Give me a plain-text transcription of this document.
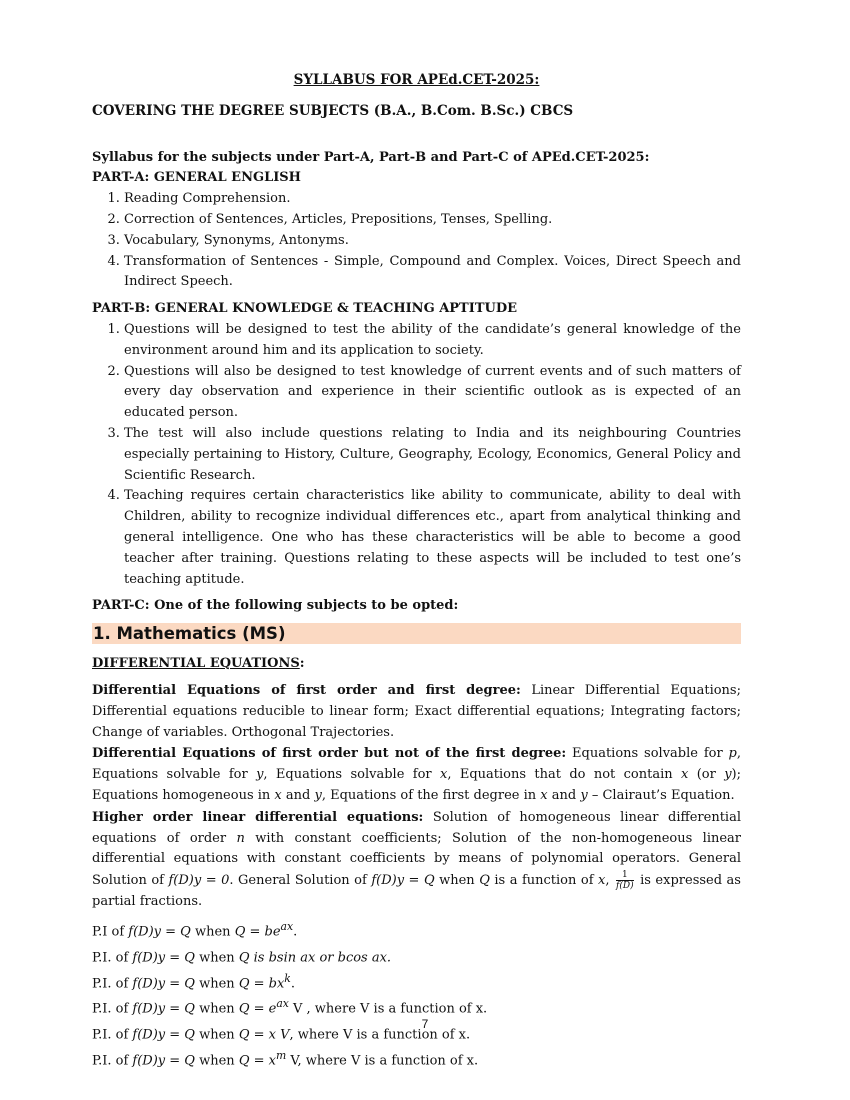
SYLLABUS FOR APEd.CET-2025:
COVERING THE DEGREE SUBJECTS (B.A., B.Com. B.Sc.) CBCS
Syllabus for the subjects under Part-A, Part-B and Part-C of APEd.CET-2025:
PART-A: GENERAL ENGLISH
1. Reading Comprehension.
2. Correction of Sentences, Articles, Prepositions, Tenses, Spelling.
3. Vocabulary, Synonyms, Antonyms.
4. Transformation of Sentences - Simple, Compound and Complex. Voices, Direct Speech and Indirect Speech.
PART-B: GENERAL KNOWLEDGE & TEACHING APTITUDE
1. Questions will be designed to test the ability of the candidate’s general knowledge of the environment around him and its application to society.
2. Questions will also be designed to test knowledge of current events and of such matters of every day observation and experience in their scientific outlook as is expected of an educated person.
3. The test will also include questions relating to India and its neighbouring Countries especially pertaining to History, Culture, Geography, Ecology, Economics, General Policy and Scientific Research.
4. Teaching requires certain characteristics like ability to communicate, ability to deal with Children, ability to recognize individual differences etc., apart from analytical thinking and general intelligence. One who has these characteristics will be able to become a good teacher after training. Questions relating to these aspects will be included to test one’s teaching aptitude.
PART-C: One of the following subjects to be opted:
1. Mathematics (MS)
DIFFERENTIAL EQUATIONS:

Differential Equations of first order and first degree: Linear Differential Equations; Differential equations reducible to linear form; Exact differential equations; Integrating factors; Change of variables. Orthogonal Trajectories.

Differential Equations of first order but not of the first degree: Equations solvable for p, Equations solvable for y, Equations solvable for x, Equations that do not contain x (or y); Equations homogeneous in x and y, Equations of the first degree in x and y – Clairaut’s Equation.

Higher order linear differential equations: Solution of homogeneous linear differential equations of order n with constant coefficients; Solution of the non-homogeneous linear differential equations with constant coefficients by means of polynomial operators. General Solution of f(D)y = 0. General Solution of f(D)y = Q when Q is a function of x, $\frac{1}{f(D)}$ is expressed as partial fractions.

P.I of f(D)y = Q when $Q = be^{ax}$.
P.I. of f(D)y = Q when Q is bsin ax or bcos ax.
P.I. of f(D)y = Q when $Q = bx^k$.
P.I. of f(D)y = Q when $Q = e^{ax}$ V , where V is a function of x.
P.I. of f(D)y = Q when Q = x V, where V is a function of x.
P.I. of f(D)y = Q when $Q = x^m$ V, where V is a function of x.
7
